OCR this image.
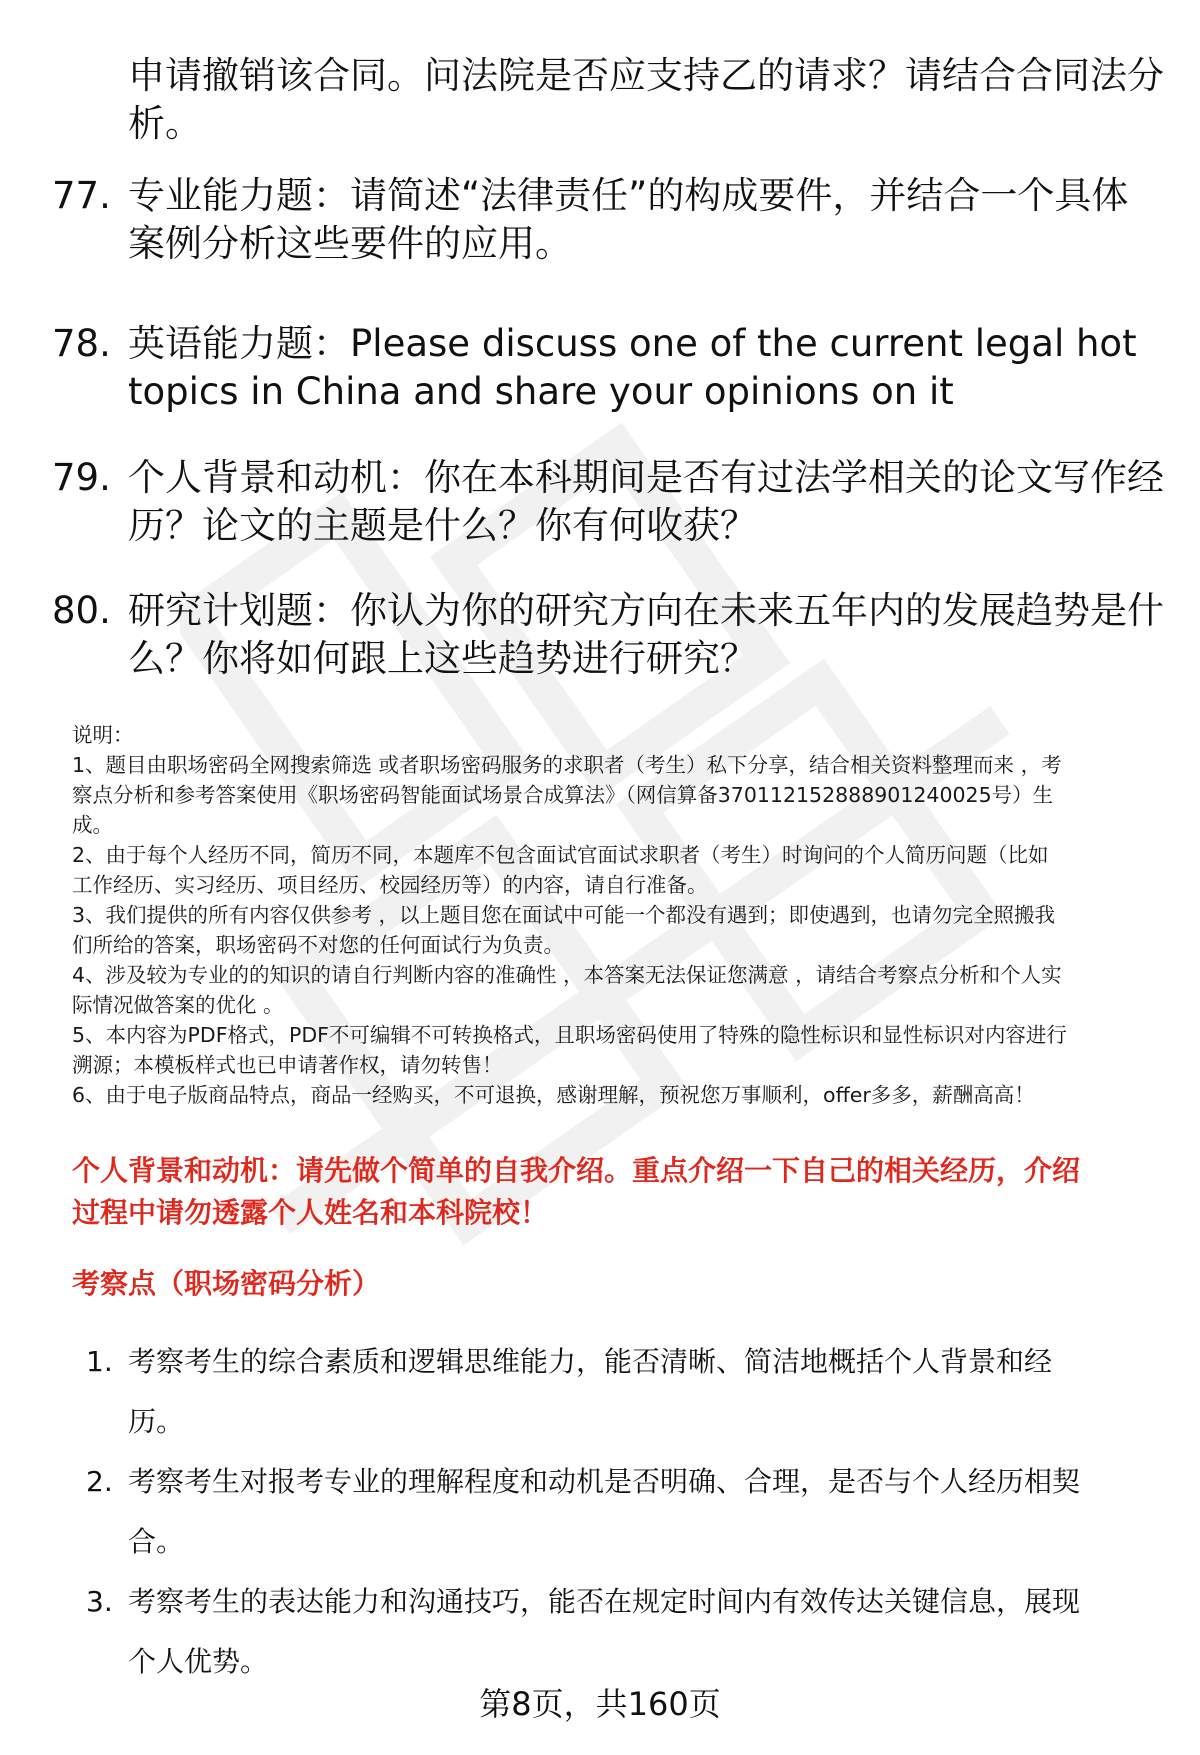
申请撤销该合同。问法院是否应支持乙的请求？请结合合同法分
析。
77. 专业能力题：请简述“法律责任”的构成要件，并结合一个具体
案例分析这些要件的应用。
78. 英语能力题：Please discuss one of the current legal hot
topics in China and share your opinions on it
79. 个人背景和动机：你在本科期间是否有过法学相关的论文写作经
历？论文的主题是什么？你有何收获？
80. 研究计划题：你认为你的研究方向在未来五年内的发展趋势是什
么？你将如何跟上这些趋势进行研究？
说明：
1、题目由职场密码全网搜索筛选 或者职场密码服务的求职者（考生）私下分享，结合相关资料整理而来 ，考
察点分析和参考答案使用《职场密码智能面试场景合成算法》（网信算备370112152888901240025号）生
成。
2、由于每个人经历不同，简历不同，本题库不包含面试官面试求职者（考生）时询问的个人简历问题（比如
工作经历、实习经历、项目经历、校园经历等）的内容，请自行准备。
3、我们提供的所有内容仅供参考 ，以上题目您在面试中可能一个都没有遇到；即使遇到，也请勿完全照搬我
们所给的答案，职场密码不对您的任何面试行为负责。
4、涉及较为专业的的知识的请自行判断内容的准确性 ，本答案无法保证您满意 ，请结合考察点分析和个人实
际情况做答案的优化 。
5、本内容为PDF格式，PDF不可编辑不可转换格式，且职场密码使用了特殊的隐性标识和显性标识对内容进行
溯源；本模板样式也已申请著作权，请勿转售！
6、由于电子版商品特点，商品一经购买，不可退换，感谢理解，预祝您万事顺利，offer多多，薪酬高高！
个人背景和动机：请先做个简单的自我介绍。重点介绍一下自己的相关经历，介绍
过程中请勿透露个人姓名和本科院校！
考察点（职场密码分析）
1. 考察考生的综合素质和逻辑思维能力，能否清晰、简洁地概括个人背景和经
历。
2. 考察考生对报考专业的理解程度和动机是否明确、合理，是否与个人经历相契
合。
3. 考察考生的表达能力和沟通技巧，能否在规定时间内有效传达关键信息，展现
个人优势。
第8页，共160页
